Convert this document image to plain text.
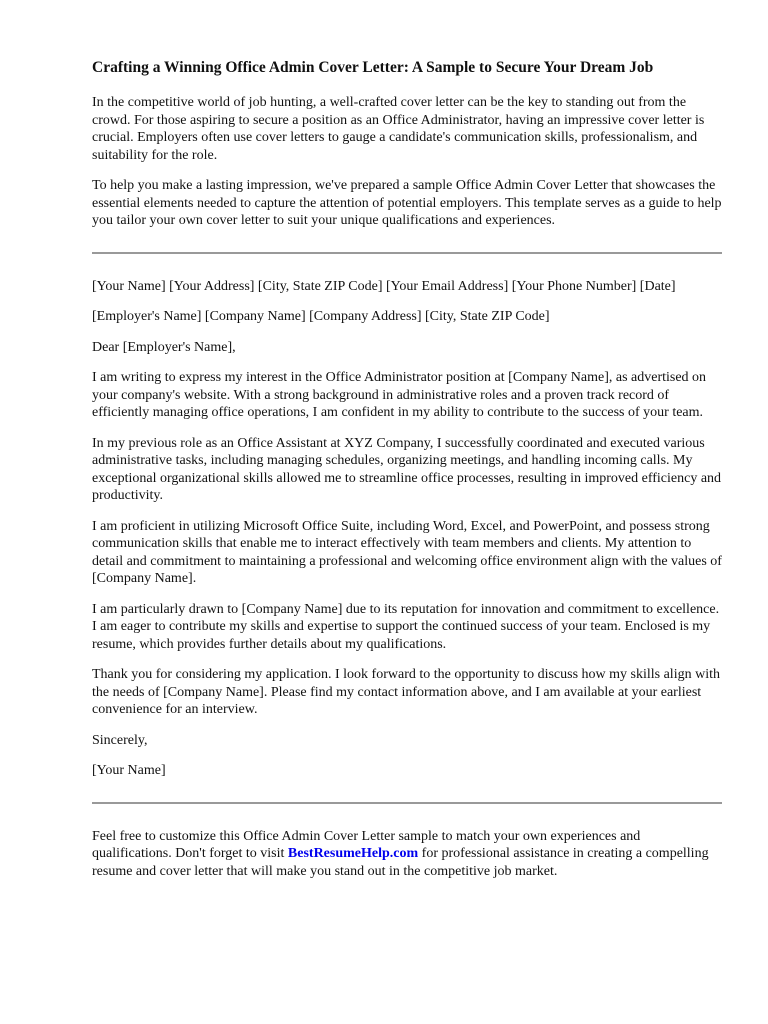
Crafting a Winning Office Admin Cover Letter: A Sample to Secure Your Dream Job

In the competitive world of job hunting, a well-crafted cover letter can be the key to standing out from the crowd. For those aspiring to secure a position as an Office Administrator, having an impressive cover letter is crucial. Employers often use cover letters to gauge a candidate's communication skills, professionalism, and suitability for the role.

To help you make a lasting impression, we've prepared a sample Office Admin Cover Letter that showcases the essential elements needed to capture the attention of potential employers. This template serves as a guide to help you tailor your own cover letter to suit your unique qualifications and experiences.

[Your Name] [Your Address] [City, State ZIP Code] [Your Email Address] [Your Phone Number] [Date]

[Employer's Name] [Company Name] [Company Address] [City, State ZIP Code]

Dear [Employer's Name],

I am writing to express my interest in the Office Administrator position at [Company Name], as advertised on your company's website. With a strong background in administrative roles and a proven track record of efficiently managing office operations, I am confident in my ability to contribute to the success of your team.

In my previous role as an Office Assistant at XYZ Company, I successfully coordinated and executed various administrative tasks, including managing schedules, organizing meetings, and handling incoming calls. My exceptional organizational skills allowed me to streamline office processes, resulting in improved efficiency and productivity.

I am proficient in utilizing Microsoft Office Suite, including Word, Excel, and PowerPoint, and possess strong communication skills that enable me to interact effectively with team members and clients. My attention to detail and commitment to maintaining a professional and welcoming office environment align with the values of [Company Name].

I am particularly drawn to [Company Name] due to its reputation for innovation and commitment to excellence. I am eager to contribute my skills and expertise to support the continued success of your team. Enclosed is my resume, which provides further details about my qualifications.

Thank you for considering my application. I look forward to the opportunity to discuss how my skills align with the needs of [Company Name]. Please find my contact information above, and I am available at your earliest convenience for an interview.

Sincerely,

[Your Name]

Feel free to customize this Office Admin Cover Letter sample to match your own experiences and qualifications. Don't forget to visit BestResumeHelp.com for professional assistance in creating a compelling resume and cover letter that will make you stand out in the competitive job market.
